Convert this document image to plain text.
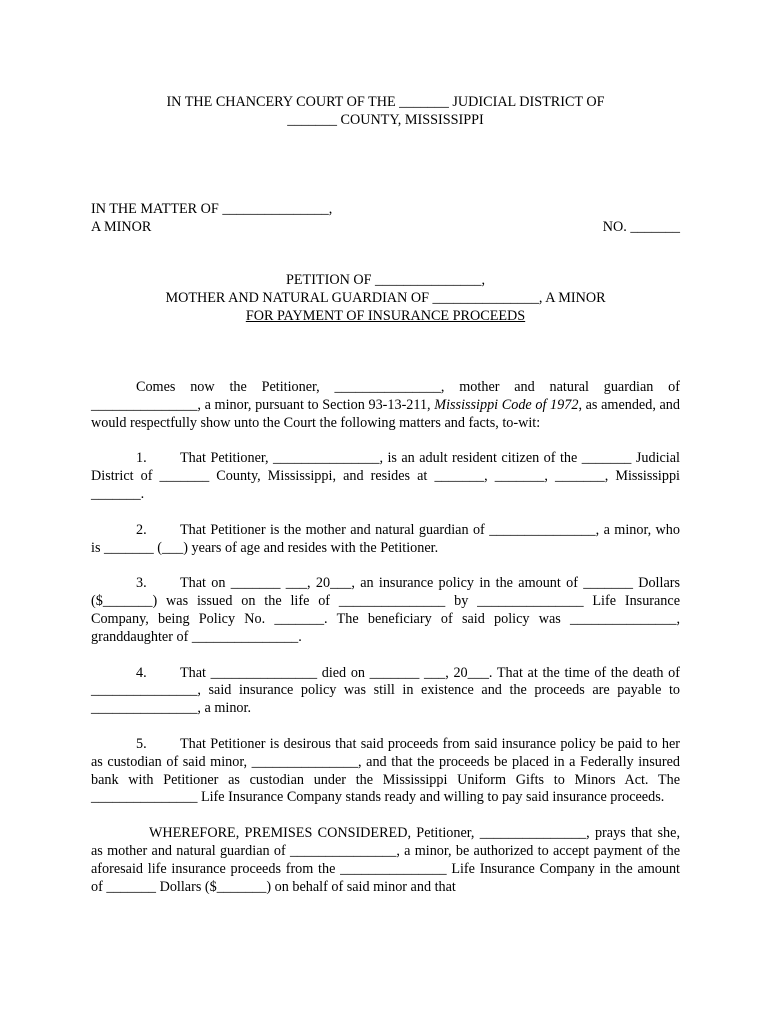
IN THE CHANCERY COURT OF THE _______ JUDICIAL DISTRICT OF

_______ COUNTY, MISSISSIPPI

IN THE MATTER OF _______________,

A MINOR	NO. _______

PETITION OF _______________,

MOTHER AND NATURAL GUARDIAN OF _______________, A MINOR

FOR PAYMENT OF INSURANCE PROCEEDS

Comes now the Petitioner, _______________, mother and natural guardian of _______________, a minor, pursuant to Section 93-13-211, Mississippi Code of 1972, as amended, and would respectfully show unto the Court the following matters and facts, to-wit:

1. That Petitioner, _______________, is an adult resident citizen of the _______ Judicial District of _______ County, Mississippi, and resides at _______, _______, _______, Mississippi _______.

2. That Petitioner is the mother and natural guardian of _______________, a minor, who is _______ (___) years of age and resides with the Petitioner.

3. That on _______ ___, 20___, an insurance policy in the amount of _______ Dollars ($_______) was issued on the life of _______________ by _______________ Life Insurance Company, being Policy No. _______. The beneficiary of said policy was _______________, granddaughter of _______________.

4. That _______________ died on _______ ___, 20___. That at the time of the death of _______________, said insurance policy was still in existence and the proceeds are payable to _______________, a minor.

5. That Petitioner is desirous that said proceeds from said insurance policy be paid to her as custodian of said minor, _______________, and that the proceeds be placed in a Federally insured bank with Petitioner as custodian under the Mississippi Uniform Gifts to Minors Act. The _______________ Life Insurance Company stands ready and willing to pay said insurance proceeds.

WHEREFORE, PREMISES CONSIDERED, Petitioner, _______________, prays that she, as mother and natural guardian of _______________, a minor, be authorized to accept payment of the aforesaid life insurance proceeds from the _______________ Life Insurance Company in the amount of _______ Dollars ($_______) on behalf of said minor and that
